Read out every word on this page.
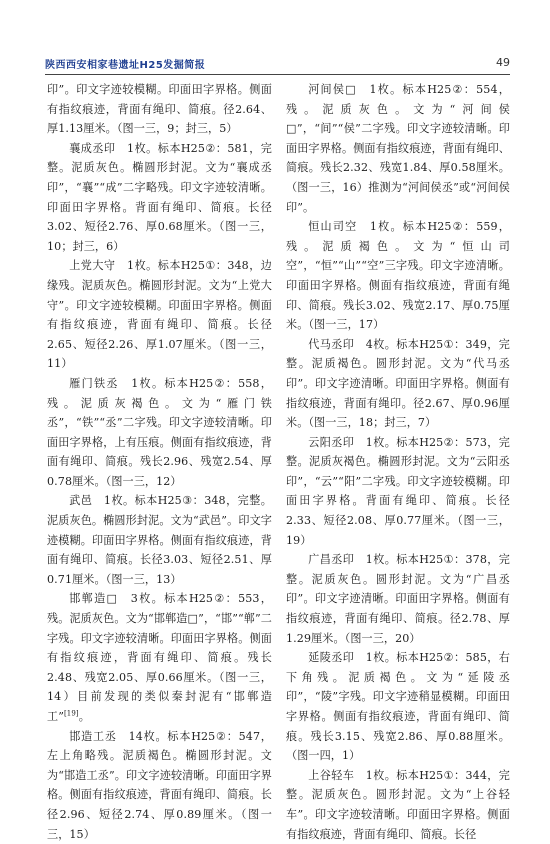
陕西西安相家巷遗址H25发掘简报	49

印”。印文字迹较模糊。印面田字界格。侧面有指纹痕迹，背面有绳印、简痕。径2.64、厚1.13厘米。（图一三，9；封三，5）

襄成丞印　1枚。标本H25②：581，完整。泥质灰色。椭圆形封泥。文为“襄成丞印”，“襄”“成”二字略残。印文字迹较清晰。印面田字界格。背面有绳印、简痕。长径3.02、短径2.76、厚0.68厘米。（图一三，10；封三，6）

上党大守　1枚。标本H25①：348，边缘残。泥质灰色。椭圆形封泥。文为“上党大守”。印文字迹较模糊。印面田字界格。侧面有指纹痕迹，背面有绳印、简痕。长径2.65、短径2.26、厚1.07厘米。（图一三，11）

雁门铁丞　1枚。标本H25②：558，残。泥质灰褐色。文为“雁门铁丞”，“铁”“丞”二字残。印文字迹较清晰。印面田字界格，上有压痕。侧面有指纹痕迹，背面有绳印、简痕。残长2.96、残宽2.54、厚0.78厘米。（图一三，12）

武邑　1枚。标本H25③：348，完整。泥质灰色。椭圆形封泥。文为“武邑”。印文字迹模糊。印面田字界格。侧面有指纹痕迹，背面有绳印、简痕。长径3.03、短径2.51、厚0.71厘米。（图一三，13）

邯郸造□　3枚。标本H25②：553，残。泥质灰色。文为“邯郸造□”，“邯”“郸”二字残。印文字迹较清晰。印面田字界格。侧面有指纹痕迹，背面有绳印、简痕。残长2.48、残宽2.05、厚0.66厘米。（图一三，14）目前发现的类似秦封泥有“邯郸造工”[19]。

邯造工丞　14枚。标本H25②：547，左上角略残。泥质褐色。椭圆形封泥。文为“邯造工丞”。印文字迹较清晰。印面田字界格。侧面有指纹痕迹，背面有绳印、简痕。长径2.96、短径2.74、厚0.89厘米。（图一三，15）

河间侯□　1枚。标本H25②：554，残。泥质灰色。文为“河间侯□”，“间”“侯”二字残。印文字迹较清晰。印面田字界格。侧面有指纹痕迹，背面有绳印、简痕。残长2.32、残宽1.84、厚0.58厘米。（图一三，16）推测为“河间侯丞”或“河间侯印”。

恒山司空　1枚。标本H25②：559，残。泥质褐色。文为“恒山司空”，“恒”“山”“空”三字残。印文字迹清晰。印面田字界格。侧面有指纹痕迹，背面有绳印、简痕。残长3.02、残宽2.17、厚0.75厘米。（图一三，17）

代马丞印　4枚。标本H25①：349，完整。泥质褐色。圆形封泥。文为“代马丞印”。印文字迹清晰。印面田字界格。侧面有指纹痕迹，背面有绳印。径2.67、厚0.96厘米。（图一三，18；封三，7）

云阳丞印　1枚。标本H25②：573，完整。泥质灰褐色。椭圆形封泥。文为“云阳丞印”，“云”“阳”二字残。印文字迹较模糊。印面田字界格。背面有绳印、简痕。长径2.33、短径2.08、厚0.77厘米。（图一三，19）

广昌丞印　1枚。标本H25①：378，完整。泥质灰色。圆形封泥。文为“广昌丞印”。印文字迹清晰。印面田字界格。侧面有指纹痕迹，背面有绳印、简痕。径2.78、厚1.29厘米。（图一三，20）

延陵丞印　1枚。标本H25②：585，右下角残。泥质褐色。文为“延陵丞印”，“陵”字残。印文字迹稍显模糊。印面田字界格。侧面有指纹痕迹，背面有绳印、简痕。残长3.15、残宽2.86、厚0.88厘米。（图一四，1）

上谷轻车　1枚。标本H25①：344，完整。泥质灰色。圆形封泥。文为“上谷轻车”。印文字迹较清晰。印面田字界格。侧面有指纹痕迹，背面有绳印、简痕。长径
